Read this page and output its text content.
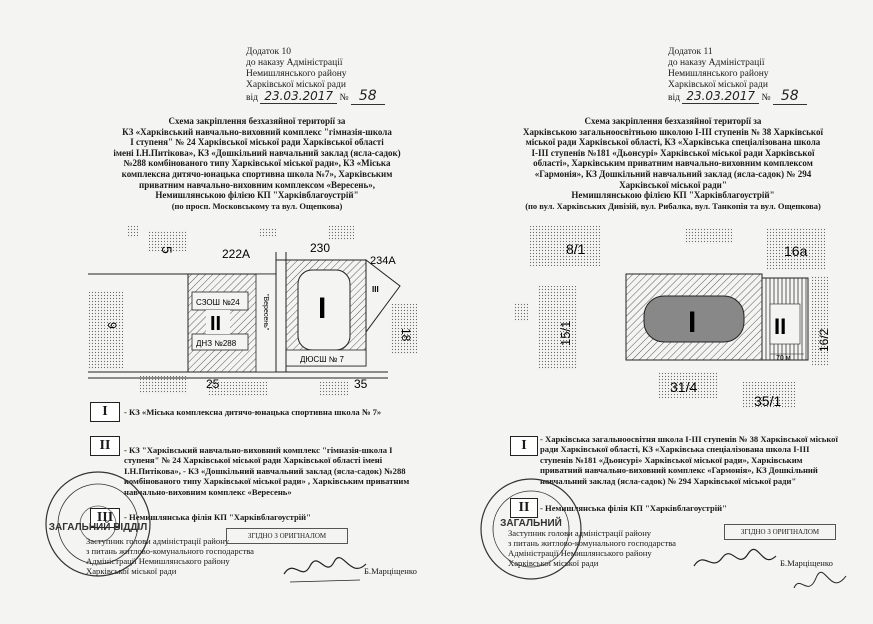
Додаток 10
до наказу Адміністрації
Немишлянського району
Харківської міської ради
від 23.03.2017 № 58
Схема закріплення безхазяйної території за
КЗ «Харківський навчально-виховний комплекс "гімназія-школа
І ступеня" № 24 Харківської міської ради Харківської області
імені І.Н.Питікова», КЗ «Дошкільний навчальний заклад (ясла-садок)
№288 комбінованого типу Харківської міської ради», КЗ «Міська
комплексна дитячо-юнацька спортивна школа №7», Харківським
приватним навчально-виховним комплексом «Вересень»,
Немишлянською філією КП "Харківблагоустрій"
(по просп. Московському та вул. Ощепкова)
5	222А	230
234А
9
СЗОШ №24
ДНЗ №288
"Вересень"
ДЮСШ № 7
18
25	35
I
II
III
І	- КЗ «Міська комплексна дитячо-юнацька спортивна школа № 7»
ІІ	- КЗ "Харківський навчально-виховний комплекс "гімназія-школа І ступеня" № 24 Харківської міської ради Харківської області імені І.Н.Питікова», - КЗ «Дошкільний навчальний заклад (ясла-садок) №288 комбінованого типу Харківської міської ради» , Харківським приватним навчально-виховним комплекс «Вересень»
ІІІ	- Немишлянська філія КП "Харківблагоустрій"
ЗАГАЛЬНИЙ ВІДДІЛ
Заступник голови адміністрації району
з питань житлово-комунального господарства
Адміністрації Немишлянського району
Харківської міської ради	Б.Марціщенко
ЗГІДНО З ОРИГІНАЛОМ
Додаток 11
до наказу Адміністрації
Немишлянського району
Харківської міської ради
від 23.03.2017 № 58
Схема закріплення безхазяйної території за
Харківською загальноосвітньою школою І-ІІІ ступенів № 38 Харківської
міської ради Харківської області, КЗ «Харківська спеціалізована школа
І-ІІІ ступенів №181 «Дьонсурі» Харківської міської ради Харківської
області», Харківським приватним навчально-виховним комплексом
«Гармонія», КЗ Дошкільний навчальний заклад (ясла-садок) № 294
Харківської міської ради"
Немишлянською філією КП "Харківблагоустрій"
(по вул. Харківських Дивізій, вул. Рибалка, вул. Танкопія та вул. Ощепкова)
8/1	16а
15/1	I	II
16/2
70 м
31/4
35/1
І	- Харківська загальноосвітня школа І-ІІІ ступенів № 38 Харківської міської ради Харківської області, КЗ «Харківська спеціалізована школа І-ІІІ ступенів №181 «Дьонсурі» Харківської міської ради», Харківським приватний навчально-виховний комплекс «Гармонія», КЗ Дошкільний навчальний заклад (ясла-садок) № 294 Харківської міської ради"
ІІ	- Немишлянська філія КП "Харківблагоустрій"
ЗАГАЛЬНИЙ
Заступник голови адміністрації району
з питань житлово-комунального господарства
Адміністрації Немишлянського району
Харківської міської ради	Б.Марціщенко
ЗГІДНО З ОРИГІНАЛОМ
